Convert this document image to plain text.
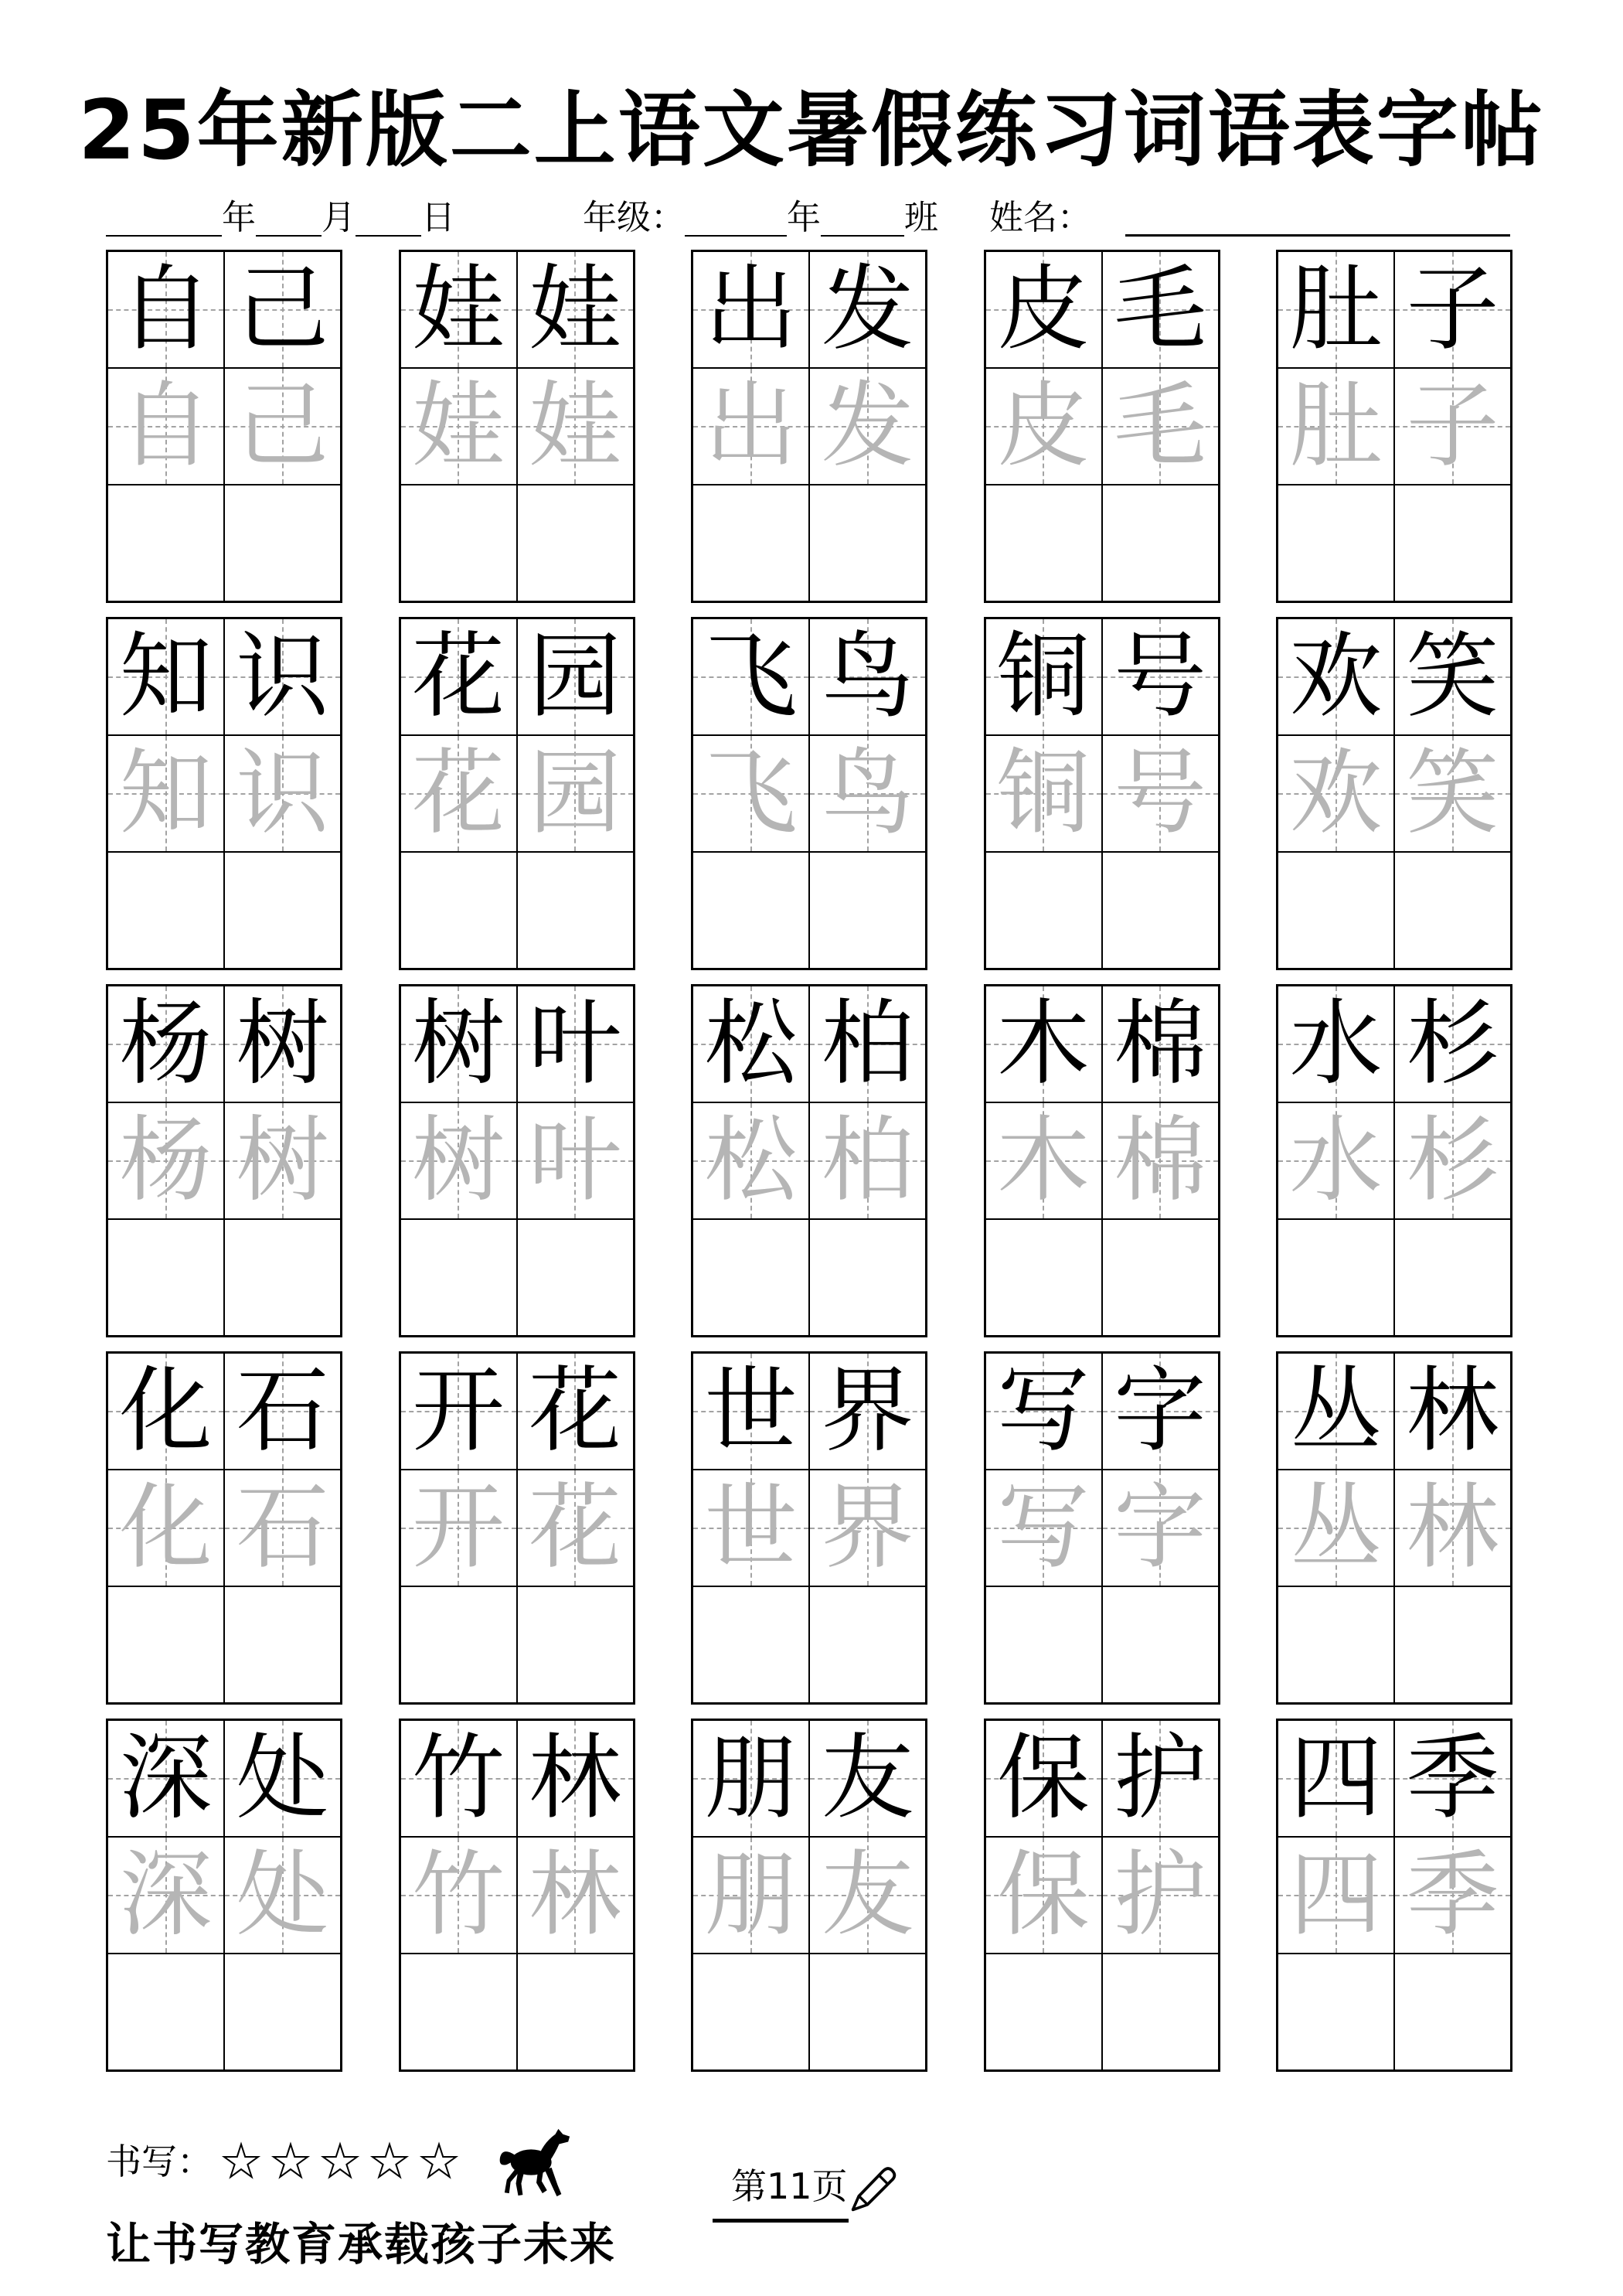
25年新版二上语文暑假练习词语表字帖
年 月 日	年级：	年 班 姓名：
自 己
自 己
娃 娃
娃 娃
出 发
出 发
皮 毛
皮 毛
肚 子
肚 子
知 识
知 识
花 园
花 园
飞 鸟
飞 鸟
铜 号
铜 号
欢 笑
欢 笑
杨 树
杨 树
树 叶
树 叶
松 柏
松 柏
木 棉
木 棉
水 杉
水 杉
化 石
化 石
开 花
开 花
世 界
世 界
写 字
写 字
丛 林
丛 林
深 处
深 处
竹 林
竹 林
朋 友
朋 友
保 护
保 护
四 季
四 季
书写： ☆☆☆☆☆
让书写教育承载孩子未来
第11页
